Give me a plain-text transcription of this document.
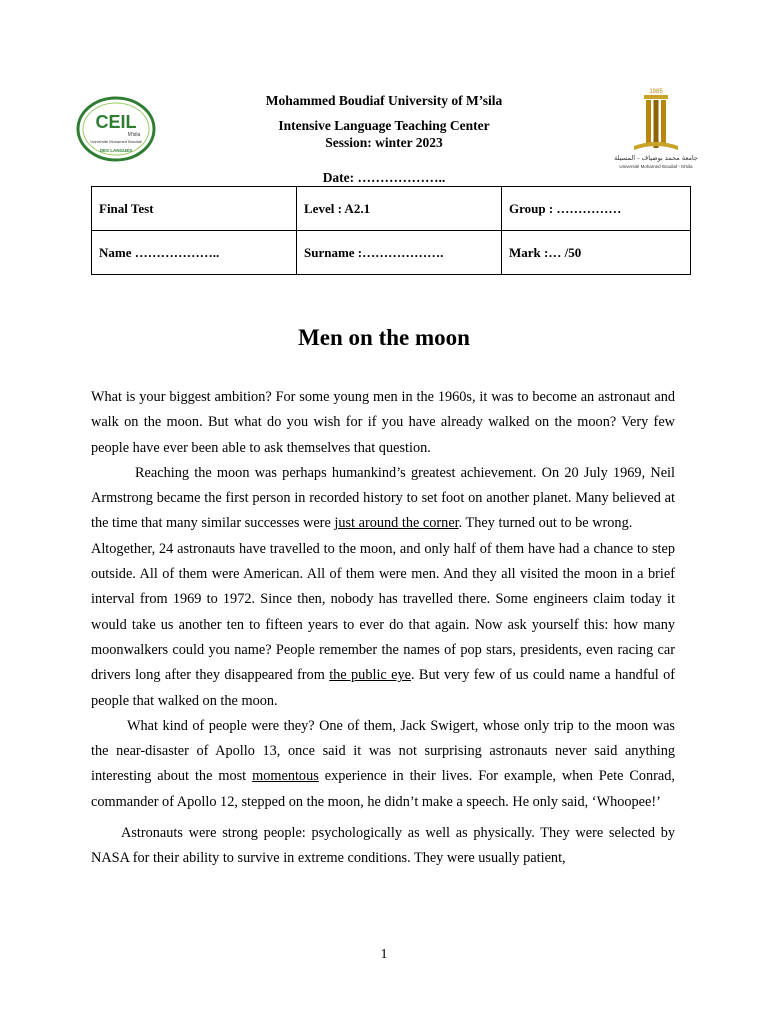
CEIL
M'sila
Université Mohamed Boudiaf
DES LANGUES
1985
جامعة محمد بوضياف - المسيلة
Université Mohamed Boudiaf - M'sila
Mohammed Boudiaf University of M’sila
Intensive Language Teaching Center
Session: winter 2023
Date: ………………..
Final Test	Level : A2.1	Group : ……………
Name ………………..	Surname :……………….	Mark :… /50
Men on the moon

What is your biggest ambition? For some young men in the 1960s, it was to become an astronaut and walk on the moon. But what do you wish for if you have already walked on the moon? Very few people have ever been able to ask themselves that question.

Reaching the moon was perhaps humankind’s greatest achievement. On 20 July 1969, Neil Armstrong became the first person in recorded history to set foot on another planet. Many believed at the time that many similar successes were just around the corner. They turned out to be wrong.

Altogether, 24 astronauts have travelled to the moon, and only half of them have had a chance to step outside. All of them were American. All of them were men. And they all visited the moon in a brief interval from 1969 to 1972. Since then, nobody has travelled there. Some engineers claim today it would take us another ten to fifteen years to ever do that again. Now ask yourself this: how many moonwalkers could you name? People remember the names of pop stars, presidents, even racing car drivers long after they disappeared from the public eye. But very few of us could name a handful of people that walked on the moon.

What kind of people were they? One of them, Jack Swigert, whose only trip to the moon was the near-disaster of Apollo 13, once said it was not surprising astronauts never said anything interesting about the most momentous experience in their lives. For example, when Pete Conrad, commander of Apollo 12, stepped on the moon, he didn’t make a speech. He only said, ‘Whoopee!’

Astronauts were strong people: psychologically as well as physically. They were selected by NASA for their ability to survive in extreme conditions. They were usually patient,

1
